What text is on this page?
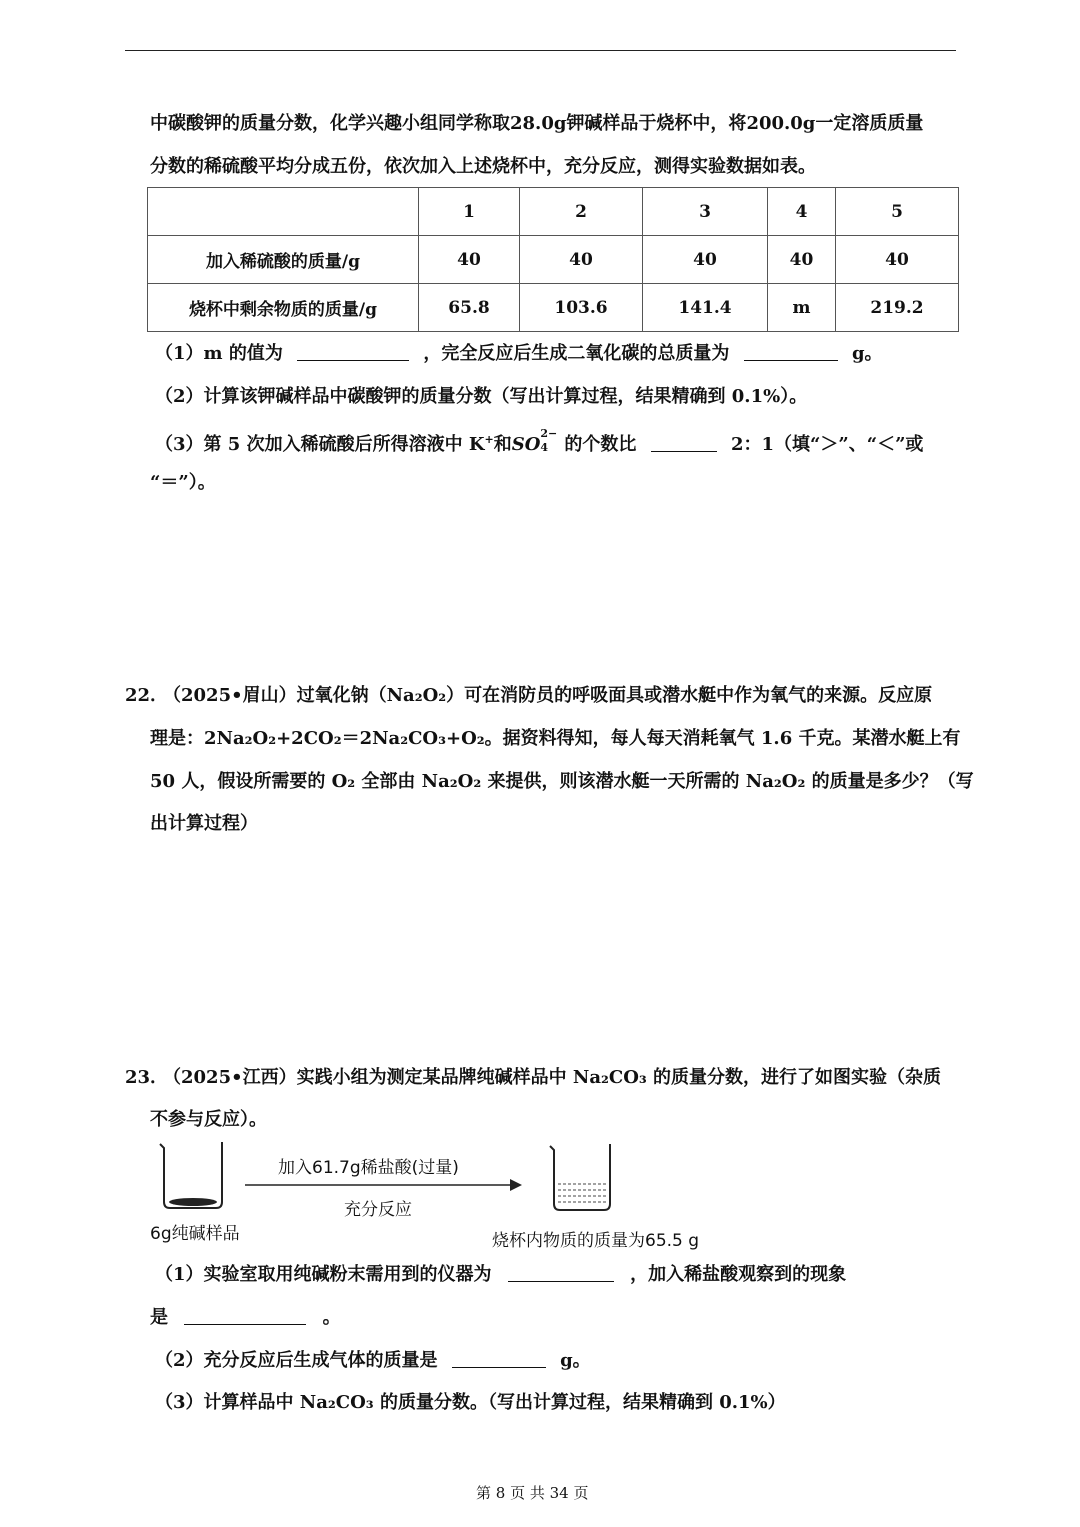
中碳酸钾的质量分数，化学兴趣小组同学称取28.0g钾碱样品于烧杯中，将200.0g一定溶质质量
分数的稀硫酸平均分成五份，依次加入上述烧杯中，充分反应，测得实验数据如表。
	1	2	3	4	5
加入稀硫酸的质量/g	40	40	40	40	40
烧杯中剩余物质的质量/g	65.8	103.6	141.4	m	219.2
（1）m 的值为	，完全反应后生成二氧化碳的总质量为	g。
（2）计算该钾碱样品中碳酸钾的质量分数（写出计算过程，结果精确到 0.1%）。
（3）第 5 次加入稀硫酸后所得溶液中 K+和SO
2−
4 的个数比	2：1（填“＞”、“＜”或
“＝”）。
22．
（2025•眉山）过氧化钠（Na₂O₂）可在消防员的呼吸面具或潜水艇中作为氧气的来源。反应原
理是：2Na₂O₂+2CO₂＝2Na₂CO₃+O₂。据资料得知，每人每天消耗氧气 1.6 千克。某潜水艇上有
50 人，假设所需要的 O₂ 全部由 Na₂O₂ 来提供，则该潜水艇一天所需的 Na₂O₂ 的质量是多少？（写
出计算过程）
23．
（2025•江西）实践小组为测定某品牌纯碱样品中 Na₂CO₃ 的质量分数，进行了如图实验（杂质
不参与反应）。
加入61.7g稀盐酸(过量)
充分反应
6g纯碱样品	烧杯内物质的质量为65.5 g
（1）实验室取用纯碱粉末需用到的仪器为	，加入稀盐酸观察到的现象
是	。
（2）充分反应后生成气体的质量是	g。
（3）计算样品中 Na₂CO₃ 的质量分数。（写出计算过程，结果精确到 0.1%）
第 8 页 共 34 页
